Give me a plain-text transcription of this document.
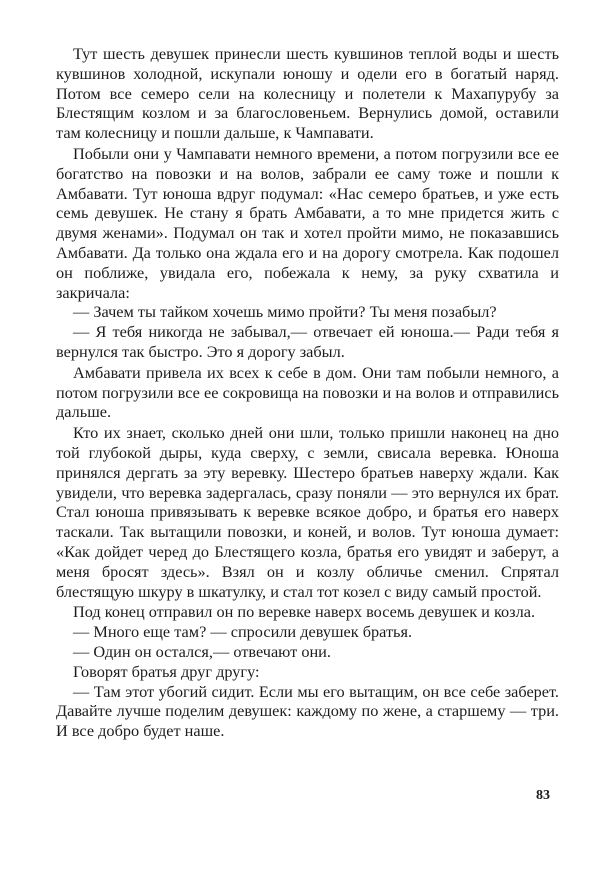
Тут шесть девушек принесли шесть кувшинов теплой воды и шесть кувшинов холодной, искупали юношу и одели его в богатый наряд. Потом все семеро сели на колесницу и полетели к Махапурубу за Блестящим козлом и за благословеньем. Вернулись домой, оставили там колесницу и пошли дальше, к Чампавати.

Побыли они у Чампавати немного времени, а потом погрузили все ее богатство на повозки и на волов, забрали ее саму тоже и пошли к Амбавати. Тут юноша вдруг подумал: «Нас семеро братьев, и уже есть семь девушек. Не стану я брать Амбавати, а то мне придется жить с двумя женами». Подумал он так и хотел пройти мимо, не показавшись Амбавати. Да только она ждала его и на дорогу смотрела. Как подошел он поближе, увидала его, побежала к нему, за руку схватила и закричала:

— Зачем ты тайком хочешь мимо пройти? Ты меня позабыл?

— Я тебя никогда не забывал,— отвечает ей юноша.— Ради тебя я вернулся так быстро. Это я дорогу забыл.

Амбавати привела их всех к себе в дом. Они там побыли немного, а потом погрузили все ее сокровища на повозки и на волов и отправились дальше.

Кто их знает, сколько дней они шли, только пришли наконец на дно той глубокой дыры, куда сверху, с земли, свисала веревка. Юноша принялся дергать за эту веревку. Шестеро братьев наверху ждали. Как увидели, что веревка задергалась, сразу поняли — это вернулся их брат. Стал юноша привязывать к веревке всякое добро, и братья его наверх таскали. Так вытащили повозки, и коней, и волов. Тут юноша думает: «Как дойдет черед до Блестящего козла, братья его увидят и заберут, а меня бросят здесь». Взял он и козлу обличье сменил. Спрятал блестящую шкуру в шкатулку, и стал тот козел с виду самый простой.

Под конец отправил он по веревке наверх восемь девушек и козла.

— Много еще там? — спросили девушек братья.

— Один он остался,— отвечают они.

Говорят братья друг другу:

— Там этот убогий сидит. Если мы его вытащим, он все себе заберет. Давайте лучше поделим девушек: каждому по жене, а старшему — три. И все добро будет наше.

83
